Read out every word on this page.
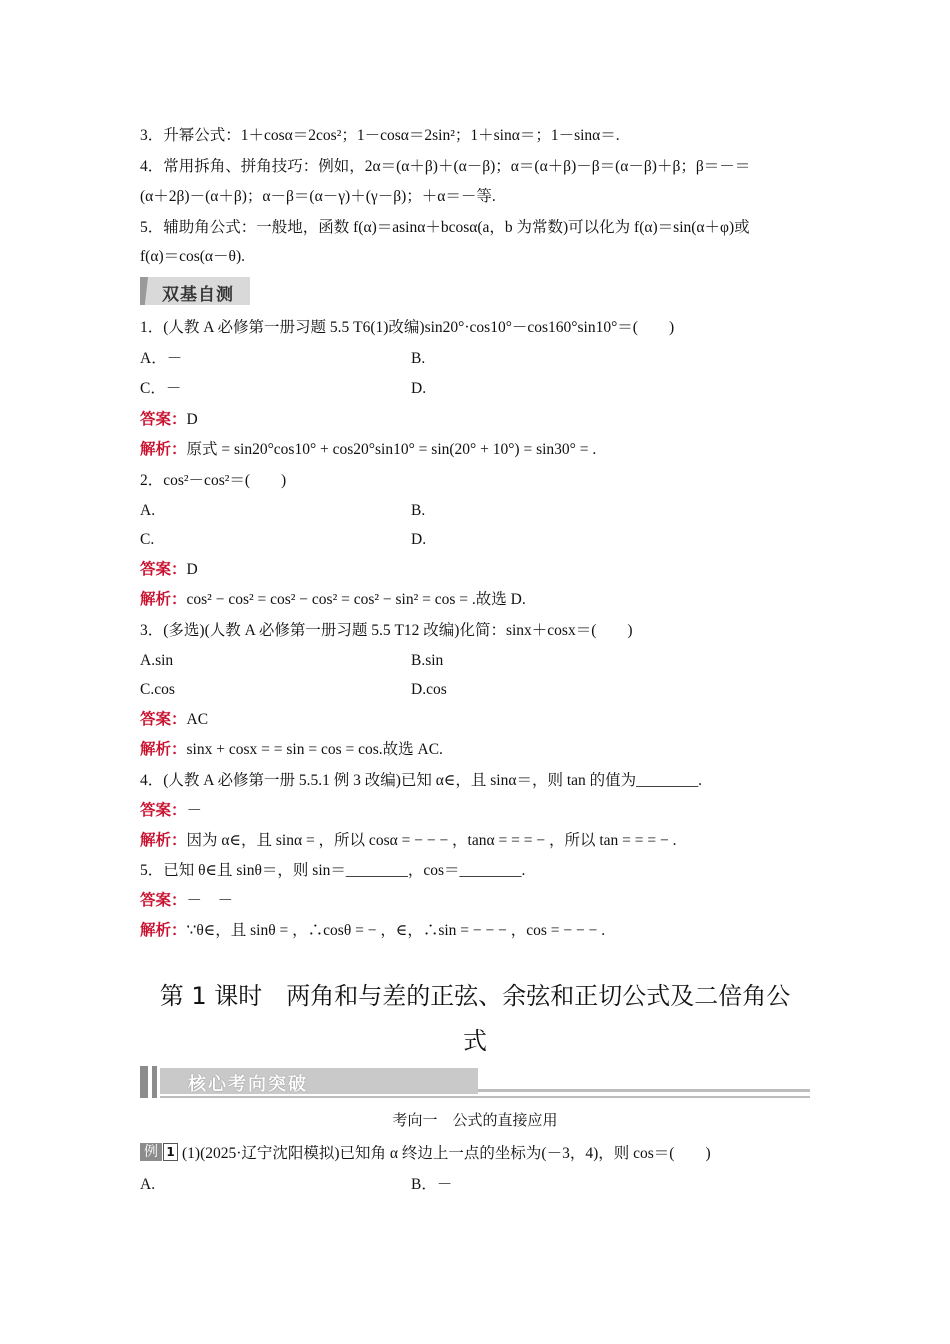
3．升幂公式：1＋cosα＝2cos²；1－cosα＝2sin²；1＋sinα＝；1－sinα＝.
4．常用拆角、拼角技巧：例如，2α＝(α＋β)＋(α－β)；α＝(α＋β)－β＝(α－β)＋β；β＝－＝
(α＋2β)－(α＋β)；α－β＝(α－γ)＋(γ－β)；＋α＝－等.
5．辅助角公式：一般地，函数 f(α)＝asinα＋bcosα(a，b 为常数)可以化为 f(α)＝sin(α＋φ)或
f(α)＝cos(α－θ).
双基自测
1．(人教 A 必修第一册习题 5.5 T6(1)改编)sin20°·cos10°－cos160°sin10°＝(　　)
A．－	B.
C．－	D.
答案：D
解析：原式 = sin20°cos10° + cos20°sin10° = sin(20° + 10°) = sin30° = .
2．cos²－cos²＝(　　)
A.	B.
C.	D.
答案：D
解析：cos² − cos² = cos² − cos² = cos² − sin² = cos = .故选 D.
3．(多选)(人教 A 必修第一册习题 5.5 T12 改编)化简：sinx＋cosx＝(　　)
A.sin	B.sin
C.cos	D.cos
答案：AC
解析：sinx + cosx = = sin = cos = cos.故选 AC.
4．(人教 A 必修第一册 5.5.1 例 3 改编)已知 α∈，且 sinα＝，则 tan 的值为________.
答案：－
解析：因为 α∈，且 sinα = ，所以 cosα = − − − ，tanα = = = − ，所以 tan = = = − .
5．已知 θ∈且 sinθ＝，则 sin＝________，cos＝________.
答案：－　－
解析：∵θ∈，且 sinθ = ，∴cosθ = − ，∈，∴sin = − − − ，cos = − − − .
第 1 课时　两角和与差的正弦、余弦和正切公式及二倍角公
式
核心考向突破
考向一　公式的直接应用
例 1 (1)(2025·辽宁沈阳模拟)已知角 α 终边上一点的坐标为(－3，4)，则 cos＝(　　)
A.	B．－
